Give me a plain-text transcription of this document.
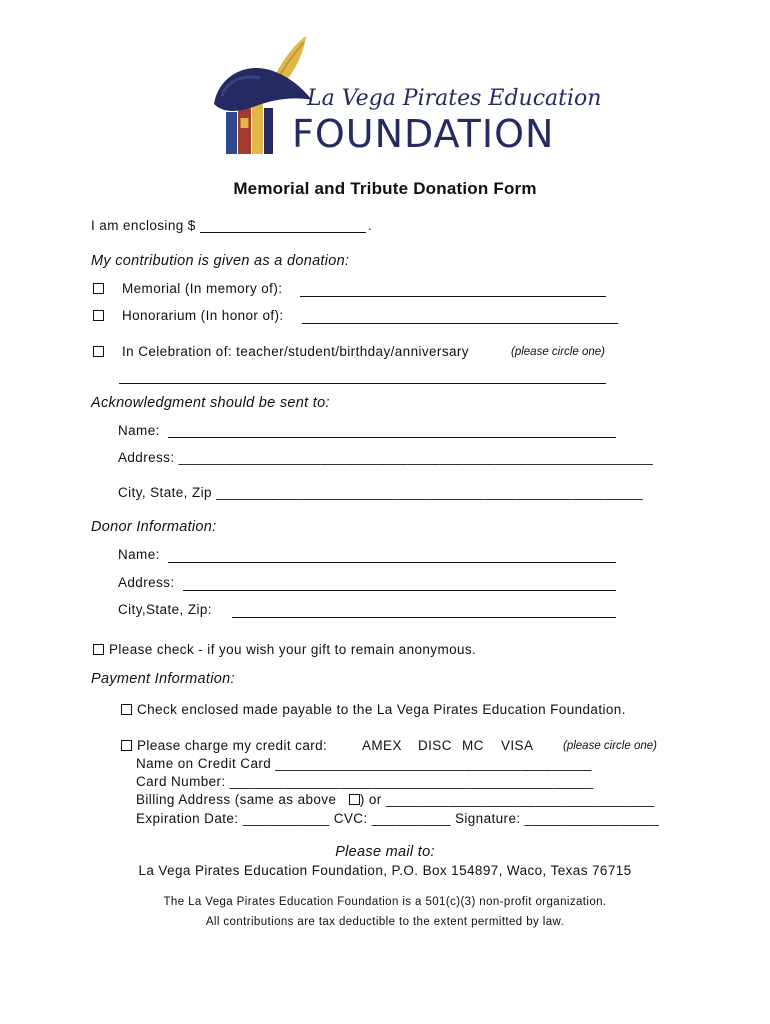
La Vega Pirates Education
FOUNDATION
Memorial and Tribute Donation Form
I am enclosing $	.
My contribution is given as a donation:
Memorial (In memory of):
Honorarium (In honor of):
In Celebration of: teacher/student/birthday/anniversary	(please circle one)
Acknowledgment should be sent to:
Name:
Address: ____________________________________________________________
City, State, Zip ______________________________________________________
Donor Information:
Name:
Address:
City,State, Zip:
Please check - if you wish your gift to remain anonymous.
Payment Information:
Check enclosed made payable to the La Vega Pirates Education Foundation.
Please charge my credit card:	AMEX DISC MC VISA	(please circle one)
Name on Credit Card ________________________________________
Card Number: ______________________________________________
Billing Address (same as above ) or __________________________________
Expiration Date: ___________ CVC: __________ Signature: _________________
Please mail to:
La Vega Pirates Education Foundation, P.O. Box 154897, Waco, Texas 76715
The La Vega Pirates Education Foundation is a 501(c)(3) non-profit organization.
All contributions are tax deductible to the extent permitted by law.
